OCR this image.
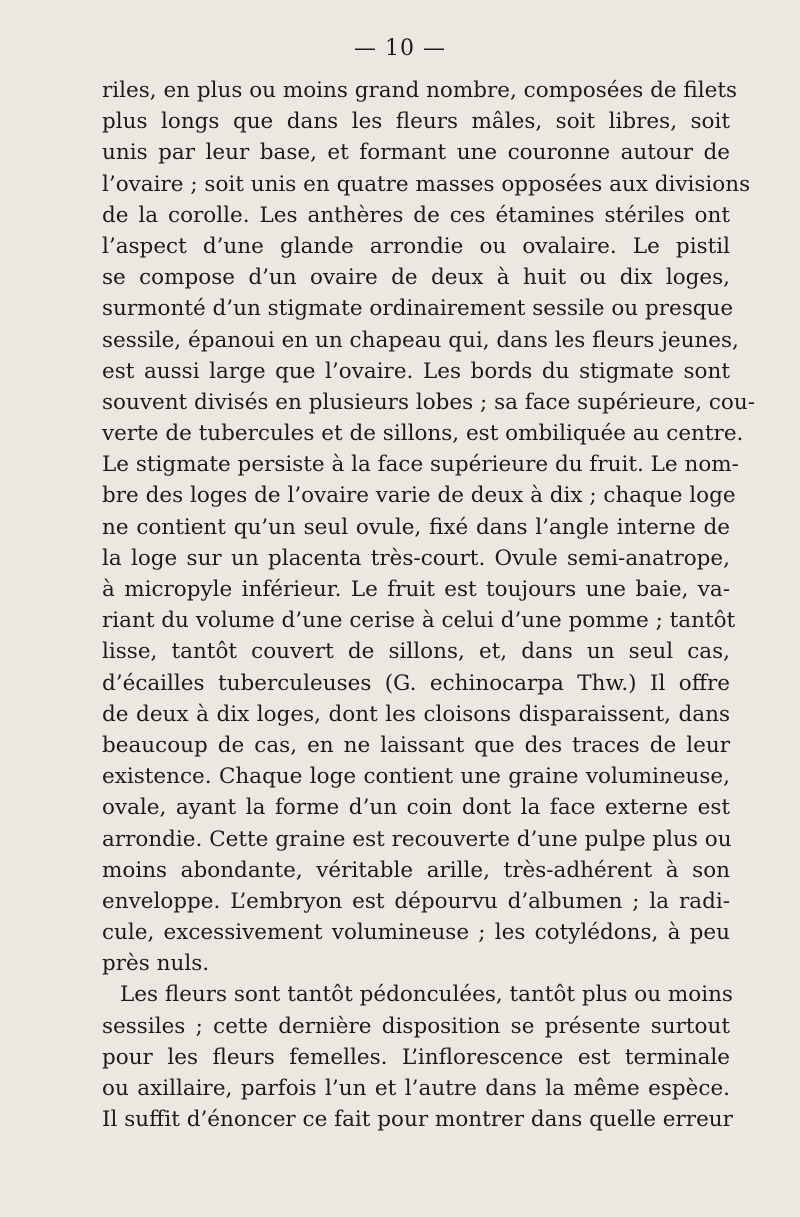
— 10 —
riles, en plus ou moins grand nombre, composées de filets
plus longs que dans les fleurs mâles, soit libres, soit
unis par leur base, et formant une couronne autour de
l’ovaire ; soit unis en quatre masses opposées aux divisions
de la corolle. Les anthères de ces étamines stériles ont
l’aspect d’une glande arrondie ou ovalaire. Le pistil
se compose d’un ovaire de deux à huit ou dix loges,
surmonté d’un stigmate ordinairement sessile ou presque
sessile, épanoui en un chapeau qui, dans les fleurs jeunes,
est aussi large que l’ovaire. Les bords du stigmate sont
souvent divisés en plusieurs lobes ; sa face supérieure, cou-
verte de tubercules et de sillons, est ombiliquée au centre.
Le stigmate persiste à la face supérieure du fruit. Le nom-
bre des loges de l’ovaire varie de deux à dix ; chaque loge
ne contient qu’un seul ovule, fixé dans l’angle interne de
la loge sur un placenta très-court. Ovule semi-anatrope,
à micropyle inférieur. Le fruit est toujours une baie, va-
riant du volume d’une cerise à celui d’une pomme ; tantôt
lisse, tantôt couvert de sillons, et, dans un seul cas,
d’écailles tuberculeuses (G. echinocarpa Thw.) Il offre
de deux à dix loges, dont les cloisons disparaissent, dans
beaucoup de cas, en ne laissant que des traces de leur
existence. Chaque loge contient une graine volumineuse,
ovale, ayant la forme d’un coin dont la face externe est
arrondie. Cette graine est recouverte d’une pulpe plus ou
moins abondante, véritable arille, très-adhérent à son
enveloppe. L’embryon est dépourvu d’albumen ; la radi-
cule, excessivement volumineuse ; les cotylédons, à peu
près nuls.
Les fleurs sont tantôt pédonculées, tantôt plus ou moins
sessiles ; cette dernière disposition se présente surtout
pour les fleurs femelles. L’inflorescence est terminale
ou axillaire, parfois l’un et l’autre dans la même espèce.
Il suffit d’énoncer ce fait pour montrer dans quelle erreur
